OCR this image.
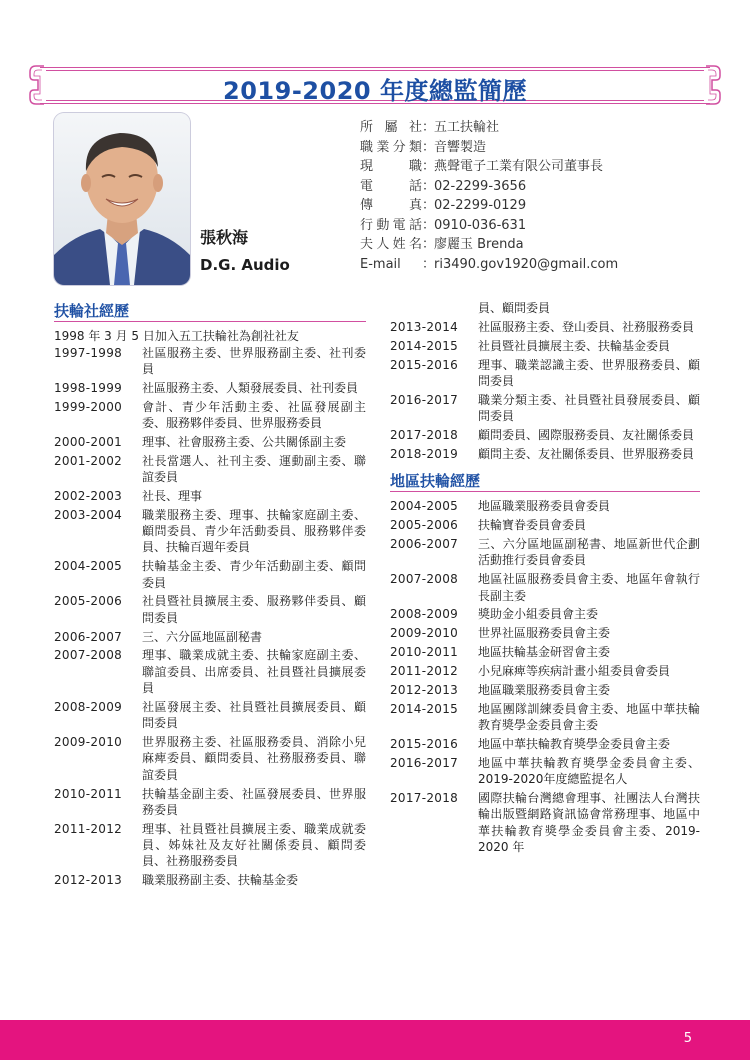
2019-2020 年度總監簡歷
張秋海
D.G. Audio
所屬社：五工扶輪社
職業分類：音響製造
現職：燕聲電子工業有限公司董事長
電話：02-2299-3656
傳真：02-2299-0129
行動電話：0910-036-631
夫人姓名：廖麗玉 Brenda
E-mail ：ri3490.gov1920@gmail.com
扶輪社經歷
1998 年 3 月 5 日加入五工扶輪社為創社社友
1997-1998	社區服務主委、世界服務副主委、社刊委員
1998-1999	社區服務主委、人類發展委員、社刊委員
1999-2000	會計、青少年活動主委、社區發展副主委、服務夥伴委員、世界服務委員
2000-2001	理事、社會服務主委、公共關係副主委
2001-2002	社長當選人、社刊主委、運動副主委、聯誼委員
2002-2003	社長、理事
2003-2004	職業服務主委、理事、扶輪家庭副主委、顧問委員、青少年活動委員、服務夥伴委員、扶輪百週年委員
2004-2005	扶輪基金主委、青少年活動副主委、顧問委員
2005-2006	社員暨社員擴展主委、服務夥伴委員、顧問委員
2006-2007	三、六分區地區副秘書
2007-2008	理事、職業成就主委、扶輪家庭副主委、聯誼委員、出席委員、社員暨社員擴展委員
2008-2009	社區發展主委、社員暨社員擴展委員、顧問委員
2009-2010	世界服務主委、社區服務委員、消除小兒麻痺委員、顧問委員、社務服務委員、聯誼委員
2010-2011	扶輪基金副主委、社區發展委員、世界服務委員
2011-2012	理事、社員暨社員擴展主委、職業成就委員、姊妹社及友好社關係委員、顧問委員、社務服務委員
2012-2013	職業服務副主委、扶輪基金委
員、顧問委員
2013-2014	社區服務主委、登山委員、社務服務委員
2014-2015	社員暨社員擴展主委、扶輪基金委員
2015-2016	理事、職業認識主委、世界服務委員、顧問委員
2016-2017	職業分類主委、社員暨社員發展委員、顧問委員
2017-2018	顧問委員、國際服務委員、友社關係委員
2018-2019	顧問主委、友社關係委員、世界服務委員
地區扶輪經歷
2004-2005	地區職業服務委員會委員
2005-2006	扶輪寶眷委員會委員
2006-2007	三、六分區地區副秘書、地區新世代企劃活動推行委員會委員
2007-2008	地區社區服務委員會主委、地區年會執行長副主委
2008-2009	獎助金小組委員會主委
2009-2010	世界社區服務委員會主委
2010-2011	地區扶輪基金研習會主委
2011-2012	小兒麻痺等疾病計畫小組委員會委員
2012-2013	地區職業服務委員會主委
2014-2015	地區團隊訓練委員會主委、地區中華扶輪教育獎學金委員會主委
2015-2016	地區中華扶輪教育獎學金委員會主委
2016-2017	地區中華扶輪教育獎學金委員會主委、2019-2020年度總監提名人
2017-2018	國際扶輪台灣總會理事、社團法人台灣扶輪出版暨網路資訊協會常務理事、地區中華扶輪教育獎學金委員會主委、2019-2020 年
5
